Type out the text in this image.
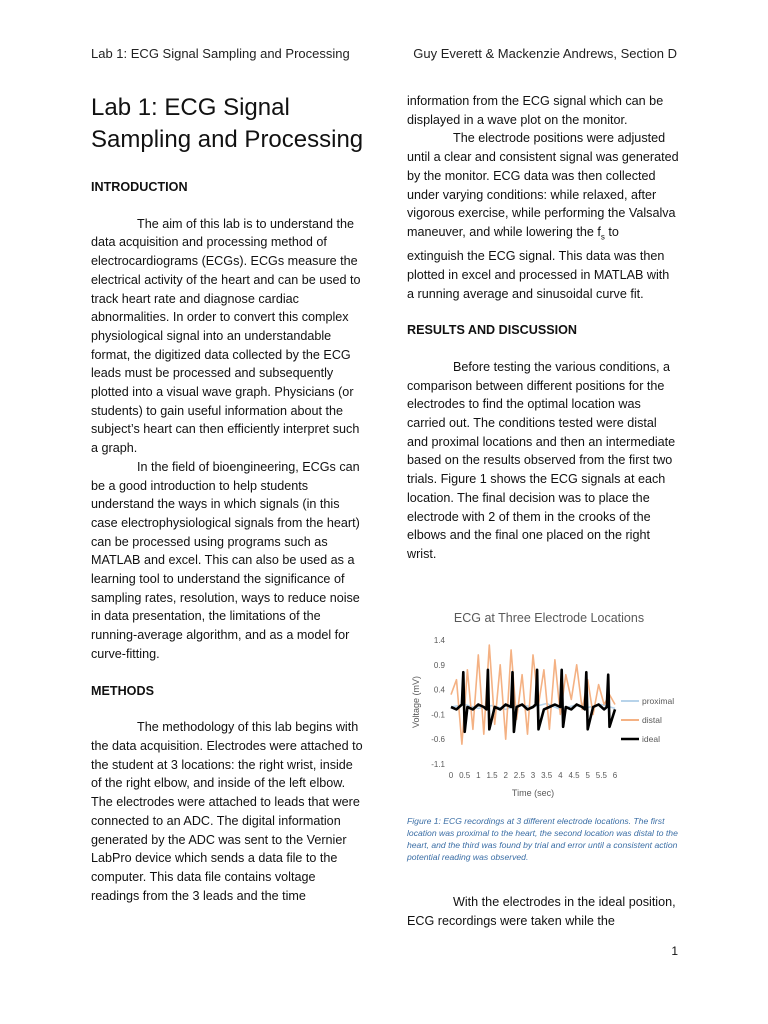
Lab 1: ECG Signal Sampling and Processing	Guy Everett & Mackenzie Andrews, Section D
Lab 1: ECG Signal
Sampling and Processing

INTRODUCTION

The aim of this lab is to understand the data acquisition and processing method of electrocardiograms (ECGs). ECGs measure the electrical activity of the heart and can be used to track heart rate and diagnose cardiac abnormalities. In order to convert this complex physiological signal into an understandable format, the digitized data collected by the ECG leads must be processed and subsequently plotted into a visual wave graph. Physicians (or students) to gain useful information about the subject’s heart can then efficiently interpret such a graph.

In the field of bioengineering, ECGs can be a good introduction to help students understand the ways in which signals (in this case electrophysiological signals from the heart) can be processed using programs such as MATLAB and excel. This can also be used as a learning tool to understand the significance of sampling rates, resolution, ways to reduce noise in data presentation, the limitations of the running-average algorithm, and as a model for curve-fitting.

METHODS

The methodology of this lab begins with the data acquisition. Electrodes were attached to the student at 3 locations: the right wrist, inside of the right elbow, and inside of the left elbow. The electrodes were attached to leads that were connected to an ADC. The digital information generated by the ADC was sent to the Vernier LabPro device which sends a data file to the computer. This data file contains voltage readings from the 3 leads and the time

information from the ECG signal which can be displayed in a wave plot on the monitor.

The electrode positions were adjusted until a clear and consistent signal was generated by the monitor. ECG data was then collected under varying conditions: while relaxed, after vigorous exercise, while performing the Valsalva maneuver, and while lowering the $f_s$ to extinguish the ECG signal. This data was then plotted in excel and processed in MATLAB with a running average and sinusoidal curve fit.

RESULTS AND DISCUSSION

Before testing the various conditions, a comparison between different positions for the electrodes to find the optimal location was carried out. The conditions tested were distal and proximal locations and then an intermediate based on the results observed from the first two trials. Figure 1 shows the ECG signals at each location. The final decision was to place the electrode with 2 of them in the crooks of the elbows and the final one placed on the right wrist.

ECG at Three Electrode Locations
1.4
0.9
0.4
-0.1
-0.6
-1.1
0 0.5 1 1.5 2 2.5 3 3.5 4 4.5 5 5.5 6
Time (sec)
Voltage (mV)	proximal
distal
ideal
Figure 1: ECG recordings at 3 different electrode locations. The first location was proximal to the heart, the second location was distal to the heart, and the third was found by trial and error until a consistent action potential reading was observed.

With the electrodes in the ideal position, ECG recordings were taken while the

1
